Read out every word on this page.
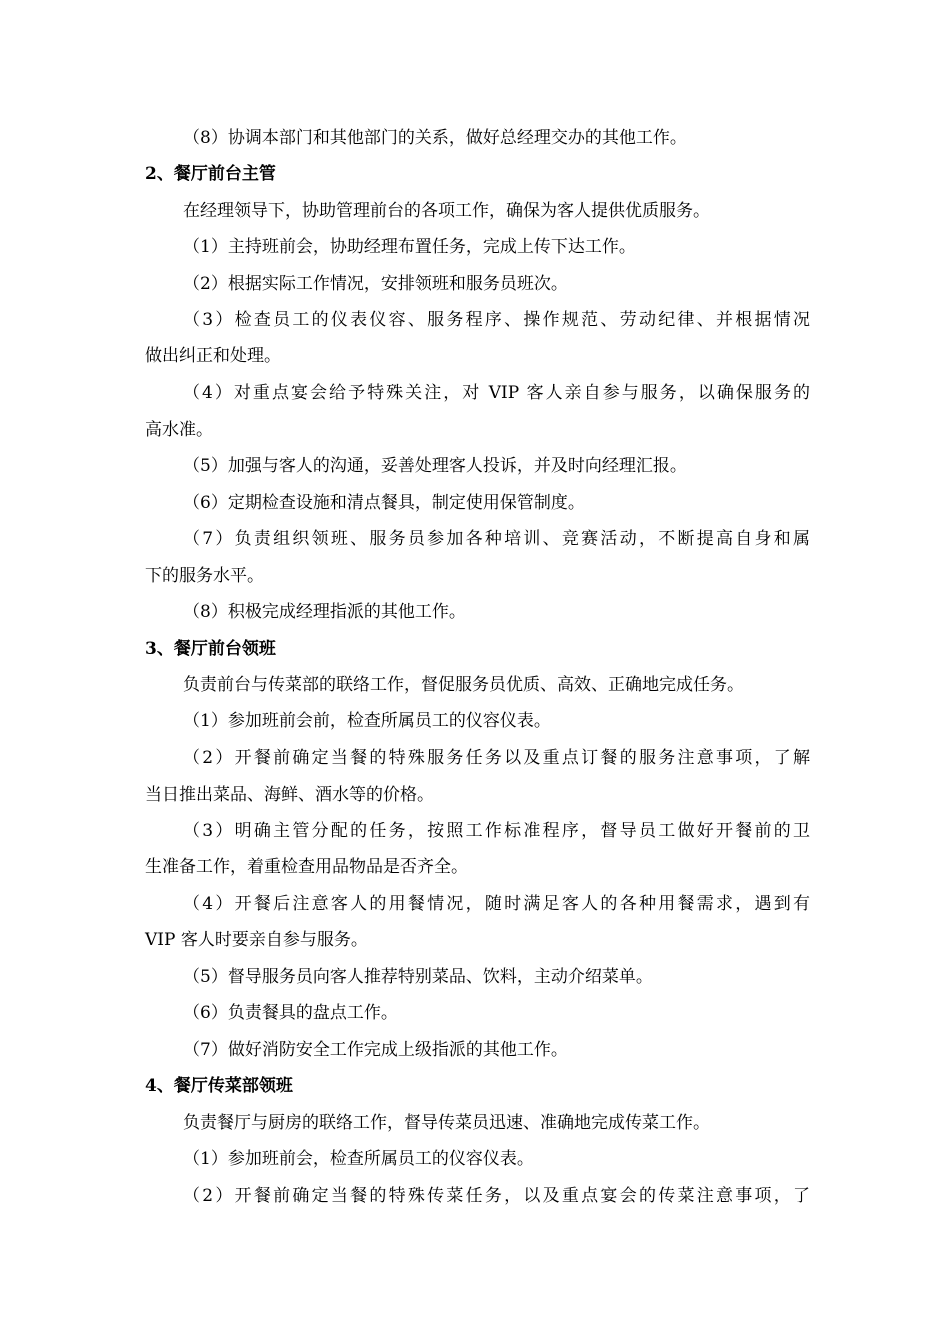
（8）协调本部门和其他部门的关系，做好总经理交办的其他工作。
2、餐厅前台主管
在经理领导下，协助管理前台的各项工作，确保为客人提供优质服务。
（1）主持班前会，协助经理布置任务，完成上传下达工作。
（2）根据实际工作情况，安排领班和服务员班次。
（3）检查员工的仪表仪容、服务程序、操作规范、劳动纪律、并根据情况
做出纠正和处理。
（4）对重点宴会给予特殊关注，对 VIP 客人亲自参与服务，以确保服务的
高水准。
（5）加强与客人的沟通，妥善处理客人投诉，并及时向经理汇报。
（6）定期检查设施和清点餐具，制定使用保管制度。
（7）负责组织领班、服务员参加各种培训、竞赛活动，不断提高自身和属
下的服务水平。
（8）积极完成经理指派的其他工作。
3、餐厅前台领班
负责前台与传菜部的联络工作，督促服务员优质、高效、正确地完成任务。
（1）参加班前会前，检查所属员工的仪容仪表。
（2）开餐前确定当餐的特殊服务任务以及重点订餐的服务注意事项，了解
当日推出菜品、海鲜、酒水等的价格。
（3）明确主管分配的任务，按照工作标准程序，督导员工做好开餐前的卫
生准备工作，着重检查用品物品是否齐全。
（4）开餐后注意客人的用餐情况，随时满足客人的各种用餐需求，遇到有
VIP 客人时要亲自参与服务。
（5）督导服务员向客人推荐特别菜品、饮料，主动介绍菜单。
（6）负责餐具的盘点工作。
（7）做好消防安全工作完成上级指派的其他工作。
4、餐厅传菜部领班
负责餐厅与厨房的联络工作，督导传菜员迅速、准确地完成传菜工作。
（1）参加班前会，检查所属员工的仪容仪表。
（2）开餐前确定当餐的特殊传菜任务，以及重点宴会的传菜注意事项，了
